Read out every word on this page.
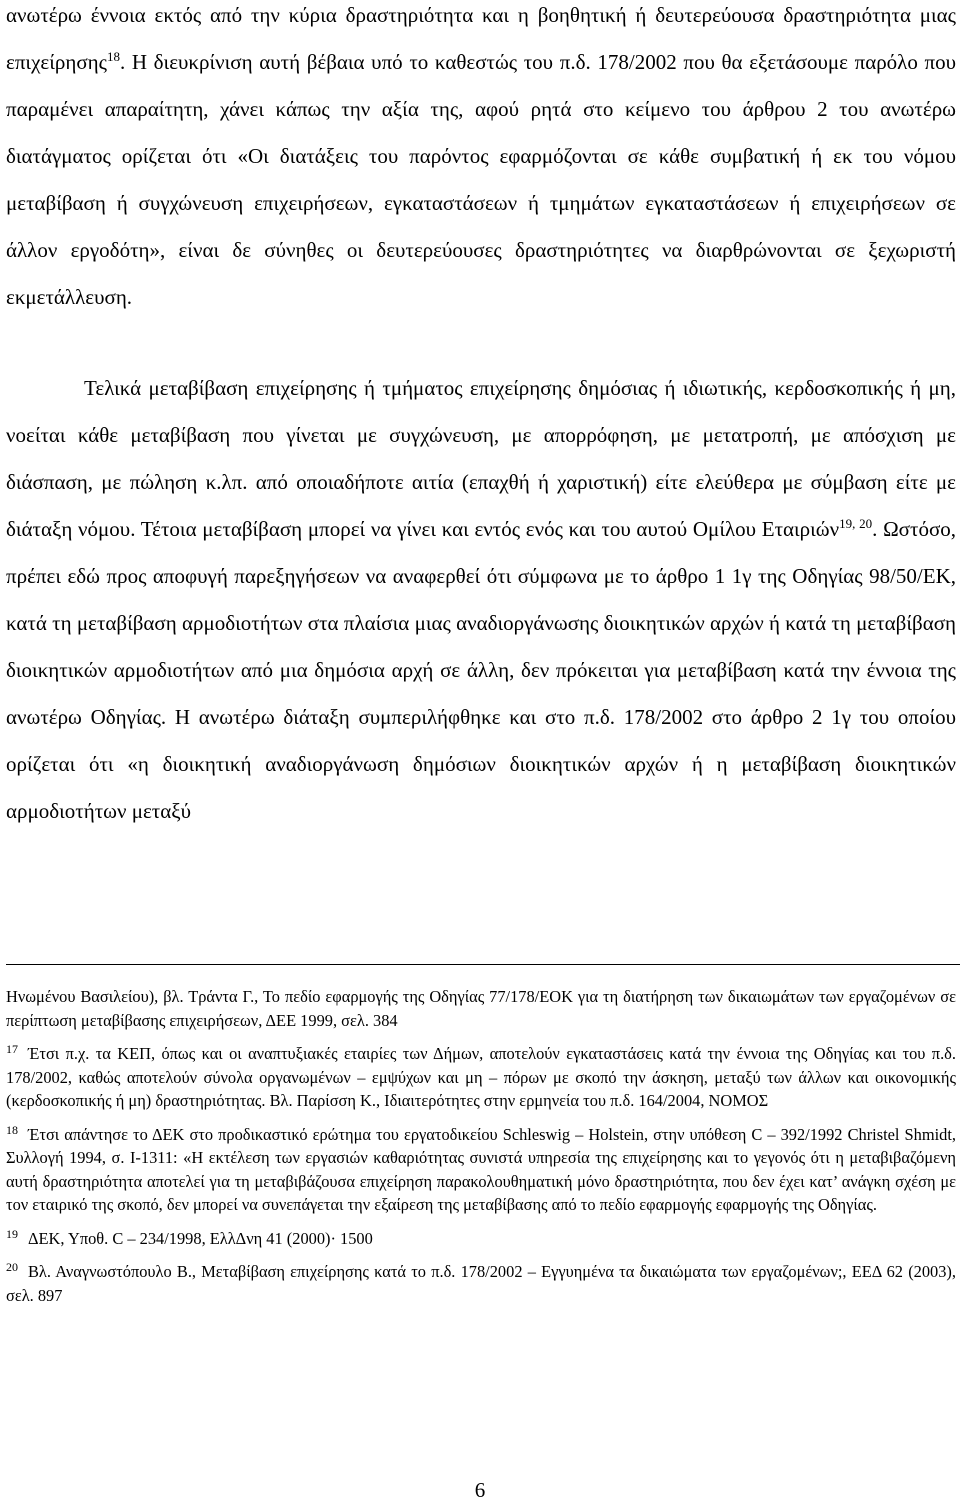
ανωτέρω έννοια εκτός από την κύρια δραστηριότητα και η βοηθητική ή δευτερεύουσα δραστηριότητα μιας επιχείρησης$^{18}$. Η διευκρίνιση αυτή βέβαια υπό το καθεστώς του π.δ. 178/2002 που θα εξετάσουμε παρόλο που παραμένει απαραίτητη, χάνει κάπως την αξία της, αφού ρητά στο κείμενο του άρθρου 2 του ανωτέρω διατάγματος ορίζεται ότι «Οι διατάξεις του παρόντος εφαρμόζονται σε κάθε συμβατική ή εκ του νόμου μεταβίβαση ή συγχώνευση επιχειρήσεων, εγκαταστάσεων ή τμημάτων εγκαταστάσεων ή επιχειρήσεων σε άλλον εργοδότη», είναι δε σύνηθες οι δευτερεύουσες δραστηριότητες να διαρθρώνονται σε ξεχωριστή εκμετάλλευση.

Τελικά μεταβίβαση επιχείρησης ή τμήματος επιχείρησης δημόσιας ή ιδιωτικής, κερδοσκοπικής ή μη, νοείται κάθε μεταβίβαση που γίνεται με συγχώνευση, με απορρόφηση, με μετατροπή, με απόσχιση με διάσπαση, με πώληση κ.λπ. από οποιαδήποτε αιτία (επαχθή ή χαριστική) είτε ελεύθερα με σύμβαση είτε με διάταξη νόμου. Τέτοια μεταβίβαση μπορεί να γίνει και εντός ενός και του αυτού Ομίλου Εταιριών$^{19, 20}$. Ωστόσο, πρέπει εδώ προς αποφυγή παρεξηγήσεων να αναφερθεί ότι σύμφωνα με το άρθρο 1 1γ της Οδηγίας 98/50/ΕΚ, κατά τη μεταβίβαση αρμοδιοτήτων στα πλαίσια μιας αναδιοργάνωσης διοικητικών αρχών ή κατά τη μεταβίβαση διοικητικών αρμοδιοτήτων από μια δημόσια αρχή σε άλλη, δεν πρόκειται για μεταβίβαση κατά την έννοια της ανωτέρω Οδηγίας. Η ανωτέρω διάταξη συμπεριλήφθηκε και στο π.δ. 178/2002 στο άρθρο 2 1γ του οποίου ορίζεται ότι «η διοικητική αναδιοργάνωση δημόσιων διοικητικών αρχών ή η μεταβίβαση διοικητικών αρμοδιοτήτων μεταξύ

Ηνωμένου Βασιλείου), βλ. Τράντα Γ., Το πεδίο εφαρμογής της Οδηγίας 77/178/ΕΟΚ για τη διατήρηση των δικαιωμάτων των εργαζομένων σε περίπτωση μεταβίβασης επιχειρήσεων, ΔΕΕ 1999, σελ. 384

$^{17}$ Έτσι π.χ. τα ΚΕΠ, όπως και οι αναπτυξιακές εταιρίες των Δήμων, αποτελούν εγκαταστάσεις κατά την έννοια της Οδηγίας και του π.δ. 178/2002, καθώς αποτελούν σύνολα οργανωμένων – εμψύχων και μη – πόρων με σκοπό την άσκηση, μεταξύ των άλλων και οικονομικής (κερδοσκοπικής ή μη) δραστηριότητας. Βλ. Παρίσση Κ., Ιδιαιτερότητες στην ερμηνεία του π.δ. 164/2004, ΝΟΜΟΣ

$^{18}$ Έτσι απάντησε το ΔΕΚ στο προδικαστικό ερώτημα του εργατοδικείου Schleswig – Holstein, στην υπόθεση C – 392/1992 Christel Shmidt, Συλλογή 1994, σ. I-1311: «Η εκτέλεση των εργασιών καθαριότητας συνιστά υπηρεσία της επιχείρησης και το γεγονός ότι η μεταβιβαζόμενη αυτή δραστηριότητα αποτελεί για τη μεταβιβάζουσα επιχείρηση παρακολουθηματική μόνο δραστηριότητα, που δεν έχει κατ’ ανάγκη σχέση με τον εταιρικό της σκοπό, δεν μπορεί να συνεπάγεται την εξαίρεση της μεταβίβασης από το πεδίο εφαρμογής εφαρμογής της Οδηγίας.

$^{19}$ ΔΕΚ, Υποθ. C – 234/1998, ΕλλΔνη 41 (2000)· 1500

$^{20}$ Βλ. Αναγνωστόπουλο Β., Μεταβίβαση επιχείρησης κατά το π.δ. 178/2002 – Εγγυημένα τα δικαιώματα των εργαζομένων;, ΕΕΔ 62 (2003), σελ. 897

6
